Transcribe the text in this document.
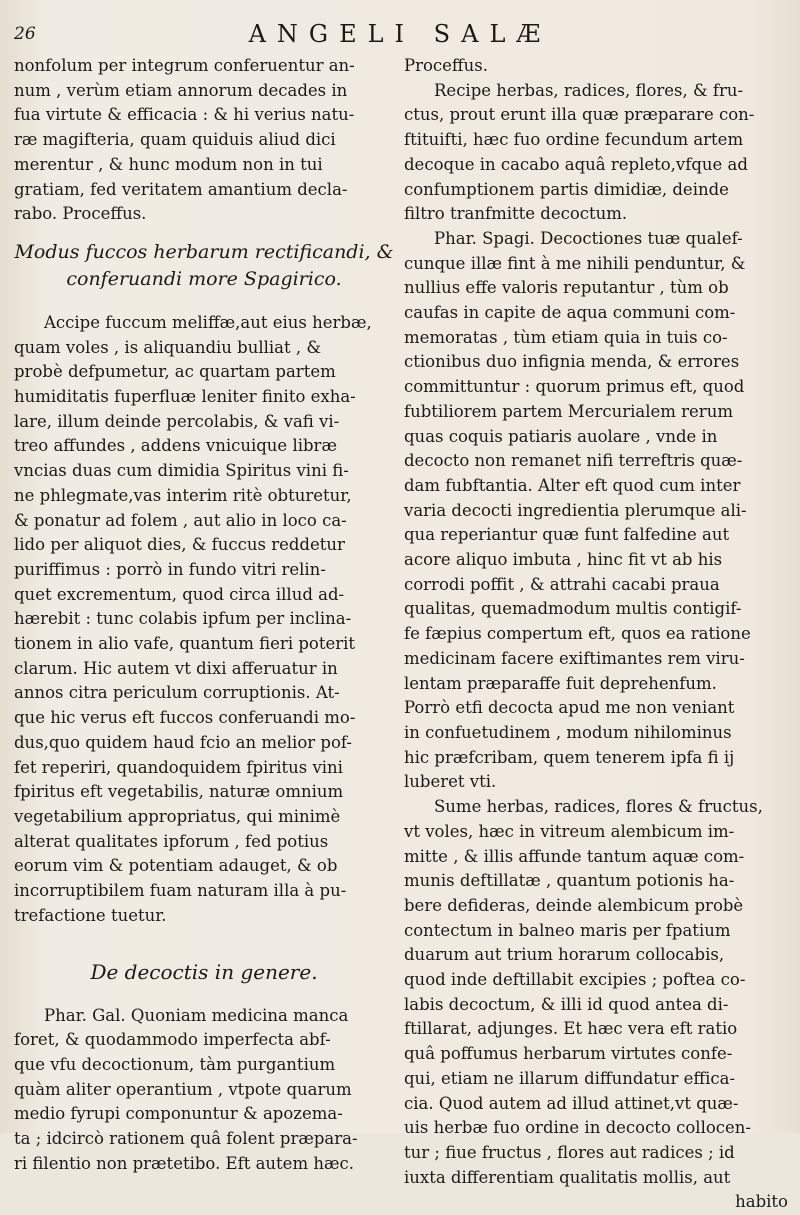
26	ANGELI SALÆ

nonfolum per integrum conferuentur an-
num , verùm etiam annorum decades in
fua virtute & efficacia : & hi verius natu-
ræ magifteria, quam quiduis aliud dici
merentur , & hunc modum non in tui
gratiam, fed veritatem amantium decla-
rabo. Proceffus.

Modus fuccos herbarum rectificandi, &
conferuandi more Spagirico.

Accipe fuccum meliffæ,aut eius herbæ,
quam voles , is aliquandiu bulliat , &
probè defpumetur, ac quartam partem
humiditatis fuperfluæ leniter finito exha-
lare, illum deinde percolabis, & vafi vi-
treo affundes , addens vnicuique libræ
vncias duas cum dimidia Spiritus vini fi-
ne phlegmate,vas interim ritè obturetur,
& ponatur ad folem , aut alio in loco ca-
lido per aliquot dies, & fuccus reddetur
puriffimus : porrò in fundo vitri relin-
quet excrementum, quod circa illud ad-
hærebit : tunc colabis ipfum per inclina-
tionem in alio vafe, quantum fieri poterit
clarum. Hic autem vt dixi afferuatur in
annos citra periculum corruptionis. At-
que hic verus eft fuccos conferuandi mo-
dus,quo quidem haud fcio an melior pof-
fet reperiri, quandoquidem fpiritus vini
fpiritus eft vegetabilis, naturæ omnium
vegetabilium appropriatus, qui minimè
alterat qualitates ipforum , fed potius
eorum vim & potentiam adauget, & ob
incorruptibilem fuam naturam illa à pu-
trefactione tuetur.

De decoctis in genere.

Phar. Gal. Quoniam medicina manca
foret, & quodammodo imperfecta abf-
que vfu decoctionum, tàm purgantium
quàm aliter operantium , vtpote quarum
medio fyrupi componuntur & apozema-
ta ; idcircò rationem quâ folent præpara-
ri filentio non prætetibo. Eft autem hæc.

Proceffus.

Recipe herbas, radices, flores, & fru-
ctus, prout erunt illa quæ præparare con-
ftituifti, hæc fuo ordine fecundum artem
decoque in cacabo aquâ repleto,vfque ad
confumptionem partis dimidiæ, deinde
filtro tranfmitte decoctum.

Phar. Spagi. Decoctiones tuæ qualef-
cunque illæ fint à me nihili penduntur, &
nullius effe valoris reputantur , tùm ob
caufas in capite de aqua communi com-
memoratas , tùm etiam quia in tuis co-
ctionibus duo infignia menda, & errores
committuntur : quorum primus eft, quod
fubtiliorem partem Mercurialem rerum
quas coquis patiaris auolare , vnde in
decocto non remanet nifi terreftris quæ-
dam fubftantia. Alter eft quod cum inter
varia decocti ingredientia plerumque ali-
qua reperiantur quæ funt falfedine aut
acore aliquo imbuta , hinc fit vt ab his
corrodi poffit , & attrahi cacabi praua
qualitas, quemadmodum multis contigif-
fe fæpius compertum eft, quos ea ratione
medicinam facere exiftimantes rem viru-
lentam præparaffe fuit deprehenfum.
Porrò etfi decocta apud me non veniant
in confuetudinem , modum nihilominus
hic præfcribam, quem tenerem ipfa fi ij
luberet vti.

Sume herbas, radices, flores & fructus,
vt voles, hæc in vitreum alembicum im-
mitte , & illis affunde tantum aquæ com-
munis deftillatæ , quantum potionis ha-
bere defideras, deinde alembicum probè
contectum in balneo maris per fpatium
duarum aut trium horarum collocabis,
quod inde deftillabit excipies ; poftea co-
labis decoctum, & illi id quod antea di-
ftillarat, adjunges. Et hæc vera eft ratio
quâ poffumus herbarum virtutes confe-
qui, etiam ne illarum diffundatur effica-
cia. Quod autem ad illud attinet,vt quæ-
uis herbæ fuo ordine in decocto collocen-
tur ; fiue fructus , flores aut radices ; id
iuxta differentiam qualitatis mollis, aut
habito
